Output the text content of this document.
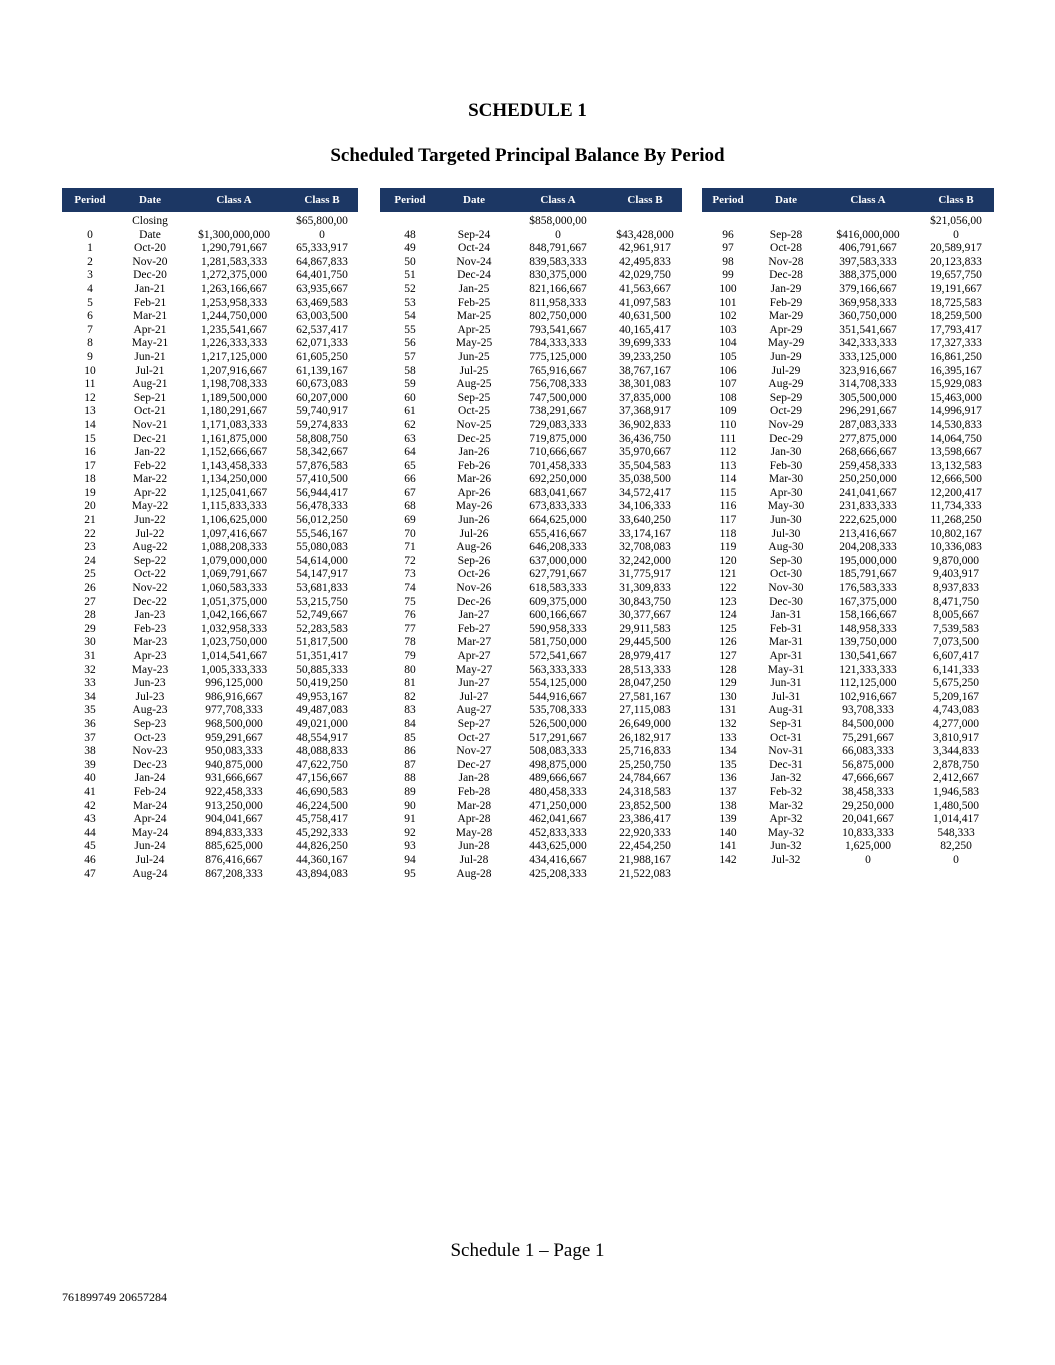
SCHEDULE 1
Scheduled Targeted Principal Balance By Period
Period	Date	Class A	Class B

	Closing		$65,800,00
0	Date	$1,300,000,000	0
1	Oct-20	1,290,791,667	65,333,917
2	Nov-20	1,281,583,333	64,867,833
3	Dec-20	1,272,375,000	64,401,750
4	Jan-21	1,263,166,667	63,935,667
5	Feb-21	1,253,958,333	63,469,583
6	Mar-21	1,244,750,000	63,003,500
7	Apr-21	1,235,541,667	62,537,417
8	May-21	1,226,333,333	62,071,333
9	Jun-21	1,217,125,000	61,605,250
10	Jul-21	1,207,916,667	61,139,167
11	Aug-21	1,198,708,333	60,673,083
12	Sep-21	1,189,500,000	60,207,000
13	Oct-21	1,180,291,667	59,740,917
14	Nov-21	1,171,083,333	59,274,833
15	Dec-21	1,161,875,000	58,808,750
16	Jan-22	1,152,666,667	58,342,667
17	Feb-22	1,143,458,333	57,876,583
18	Mar-22	1,134,250,000	57,410,500
19	Apr-22	1,125,041,667	56,944,417
20	May-22	1,115,833,333	56,478,333
21	Jun-22	1,106,625,000	56,012,250
22	Jul-22	1,097,416,667	55,546,167
23	Aug-22	1,088,208,333	55,080,083
24	Sep-22	1,079,000,000	54,614,000
25	Oct-22	1,069,791,667	54,147,917
26	Nov-22	1,060,583,333	53,681,833
27	Dec-22	1,051,375,000	53,215,750
28	Jan-23	1,042,166,667	52,749,667
29	Feb-23	1,032,958,333	52,283,583
30	Mar-23	1,023,750,000	51,817,500
31	Apr-23	1,014,541,667	51,351,417
32	May-23	1,005,333,333	50,885,333
33	Jun-23	996,125,000	50,419,250
34	Jul-23	986,916,667	49,953,167
35	Aug-23	977,708,333	49,487,083
36	Sep-23	968,500,000	49,021,000
37	Oct-23	959,291,667	48,554,917
38	Nov-23	950,083,333	48,088,833
39	Dec-23	940,875,000	47,622,750
40	Jan-24	931,666,667	47,156,667
41	Feb-24	922,458,333	46,690,583
42	Mar-24	913,250,000	46,224,500
43	Apr-24	904,041,667	45,758,417
44	May-24	894,833,333	45,292,333
45	Jun-24	885,625,000	44,826,250
46	Jul-24	876,416,667	44,360,167
47	Aug-24	867,208,333	43,894,083
Period	Date	Class A	Class B

		$858,000,00	
48	Sep-24	0	$43,428,000
49	Oct-24	848,791,667	42,961,917
50	Nov-24	839,583,333	42,495,833
51	Dec-24	830,375,000	42,029,750
52	Jan-25	821,166,667	41,563,667
53	Feb-25	811,958,333	41,097,583
54	Mar-25	802,750,000	40,631,500
55	Apr-25	793,541,667	40,165,417
56	May-25	784,333,333	39,699,333
57	Jun-25	775,125,000	39,233,250
58	Jul-25	765,916,667	38,767,167
59	Aug-25	756,708,333	38,301,083
60	Sep-25	747,500,000	37,835,000
61	Oct-25	738,291,667	37,368,917
62	Nov-25	729,083,333	36,902,833
63	Dec-25	719,875,000	36,436,750
64	Jan-26	710,666,667	35,970,667
65	Feb-26	701,458,333	35,504,583
66	Mar-26	692,250,000	35,038,500
67	Apr-26	683,041,667	34,572,417
68	May-26	673,833,333	34,106,333
69	Jun-26	664,625,000	33,640,250
70	Jul-26	655,416,667	33,174,167
71	Aug-26	646,208,333	32,708,083
72	Sep-26	637,000,000	32,242,000
73	Oct-26	627,791,667	31,775,917
74	Nov-26	618,583,333	31,309,833
75	Dec-26	609,375,000	30,843,750
76	Jan-27	600,166,667	30,377,667
77	Feb-27	590,958,333	29,911,583
78	Mar-27	581,750,000	29,445,500
79	Apr-27	572,541,667	28,979,417
80	May-27	563,333,333	28,513,333
81	Jun-27	554,125,000	28,047,250
82	Jul-27	544,916,667	27,581,167
83	Aug-27	535,708,333	27,115,083
84	Sep-27	526,500,000	26,649,000
85	Oct-27	517,291,667	26,182,917
86	Nov-27	508,083,333	25,716,833
87	Dec-27	498,875,000	25,250,750
88	Jan-28	489,666,667	24,784,667
89	Feb-28	480,458,333	24,318,583
90	Mar-28	471,250,000	23,852,500
91	Apr-28	462,041,667	23,386,417
92	May-28	452,833,333	22,920,333
93	Jun-28	443,625,000	22,454,250
94	Jul-28	434,416,667	21,988,167
95	Aug-28	425,208,333	21,522,083
Period	Date	Class A	Class B

			$21,056,00
96	Sep-28	$416,000,000	0
97	Oct-28	406,791,667	20,589,917
98	Nov-28	397,583,333	20,123,833
99	Dec-28	388,375,000	19,657,750
100	Jan-29	379,166,667	19,191,667
101	Feb-29	369,958,333	18,725,583
102	Mar-29	360,750,000	18,259,500
103	Apr-29	351,541,667	17,793,417
104	May-29	342,333,333	17,327,333
105	Jun-29	333,125,000	16,861,250
106	Jul-29	323,916,667	16,395,167
107	Aug-29	314,708,333	15,929,083
108	Sep-29	305,500,000	15,463,000
109	Oct-29	296,291,667	14,996,917
110	Nov-29	287,083,333	14,530,833
111	Dec-29	277,875,000	14,064,750
112	Jan-30	268,666,667	13,598,667
113	Feb-30	259,458,333	13,132,583
114	Mar-30	250,250,000	12,666,500
115	Apr-30	241,041,667	12,200,417
116	May-30	231,833,333	11,734,333
117	Jun-30	222,625,000	11,268,250
118	Jul-30	213,416,667	10,802,167
119	Aug-30	204,208,333	10,336,083
120	Sep-30	195,000,000	9,870,000
121	Oct-30	185,791,667	9,403,917
122	Nov-30	176,583,333	8,937,833
123	Dec-30	167,375,000	8,471,750
124	Jan-31	158,166,667	8,005,667
125	Feb-31	148,958,333	7,539,583
126	Mar-31	139,750,000	7,073,500
127	Apr-31	130,541,667	6,607,417
128	May-31	121,333,333	6,141,333
129	Jun-31	112,125,000	5,675,250
130	Jul-31	102,916,667	5,209,167
131	Aug-31	93,708,333	4,743,083
132	Sep-31	84,500,000	4,277,000
133	Oct-31	75,291,667	3,810,917
134	Nov-31	66,083,333	3,344,833
135	Dec-31	56,875,000	2,878,750
136	Jan-32	47,666,667	2,412,667
137	Feb-32	38,458,333	1,946,583
138	Mar-32	29,250,000	1,480,500
139	Apr-32	20,041,667	1,014,417
140	May-32	10,833,333	548,333
141	Jun-32	1,625,000	82,250
142	Jul-32	0	0
Schedule 1 – Page 1
761899749 20657284
